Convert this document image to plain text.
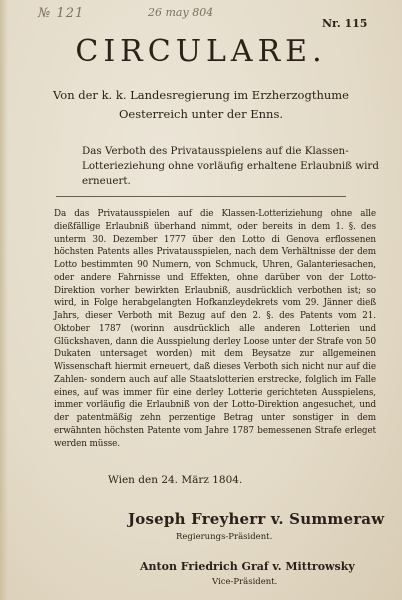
№ 121	26 may 804
Nr. 115
CIRCULARE.
Von der k. k. Landesregierung im Erzherzogthume Oesterreich unter der Enns.
Das Verboth des Privatausspielens auf die Klassen-Lotterieziehung ohne vorläufig erhaltene Erlaubniß wird erneuert.
Da das Privatausspielen auf die Klassen-Lotteriziehung ohne alle dießfällige Erlaubniß überhand nimmt, oder bereits in dem 1. §. des unterm 30. Dezember 1777 über den Lotto di Genova erflossenen höchsten Patents alles Privatausspielen, nach dem Verhältnisse der dem Lotto bestimmten 90 Numern, von Schmuck, Uhren, Galanteriesachen, oder andere Fahrnisse und Effekten, ohne darüber von der Lotto-Direktion vorher bewirkten Erlaubniß, ausdrücklich verbothen ist; so wird, in Folge herabgelangten Hofkanzleydekrets vom 29. Jänner dieß Jahrs, dieser Verboth mit Bezug auf den 2. §. des Patents vom 21. Oktober 1787 (worinn ausdrücklich alle anderen Lotterien und Glückshaven, dann die Ausspielung derley Loose unter der Strafe von 50 Dukaten untersaget worden) mit dem Beysatze zur allgemeinen Wissenschaft hiermit erneuert, daß dieses Verboth sich nicht nur auf die Zahlen- sondern auch auf alle Staatslotterien erstrecke, folglich im Falle eines, auf was immer für eine derley Lotterie gerichteten Ausspielens, immer vorläufig die Erlaubniß von der Lotto-Direktion angesuchet, und der patentmäßig zehn perzentige Betrag unter sonstiger in dem erwähnten höchsten Patente vom Jahre 1787 bemessenen Strafe erleget werden müsse.
Wien den 24. März 1804.
Joseph Freyherr v. Summeraw
Regierungs-Präsident.
Anton Friedrich Graf v. Mittrowsky
Vice-Präsident.
